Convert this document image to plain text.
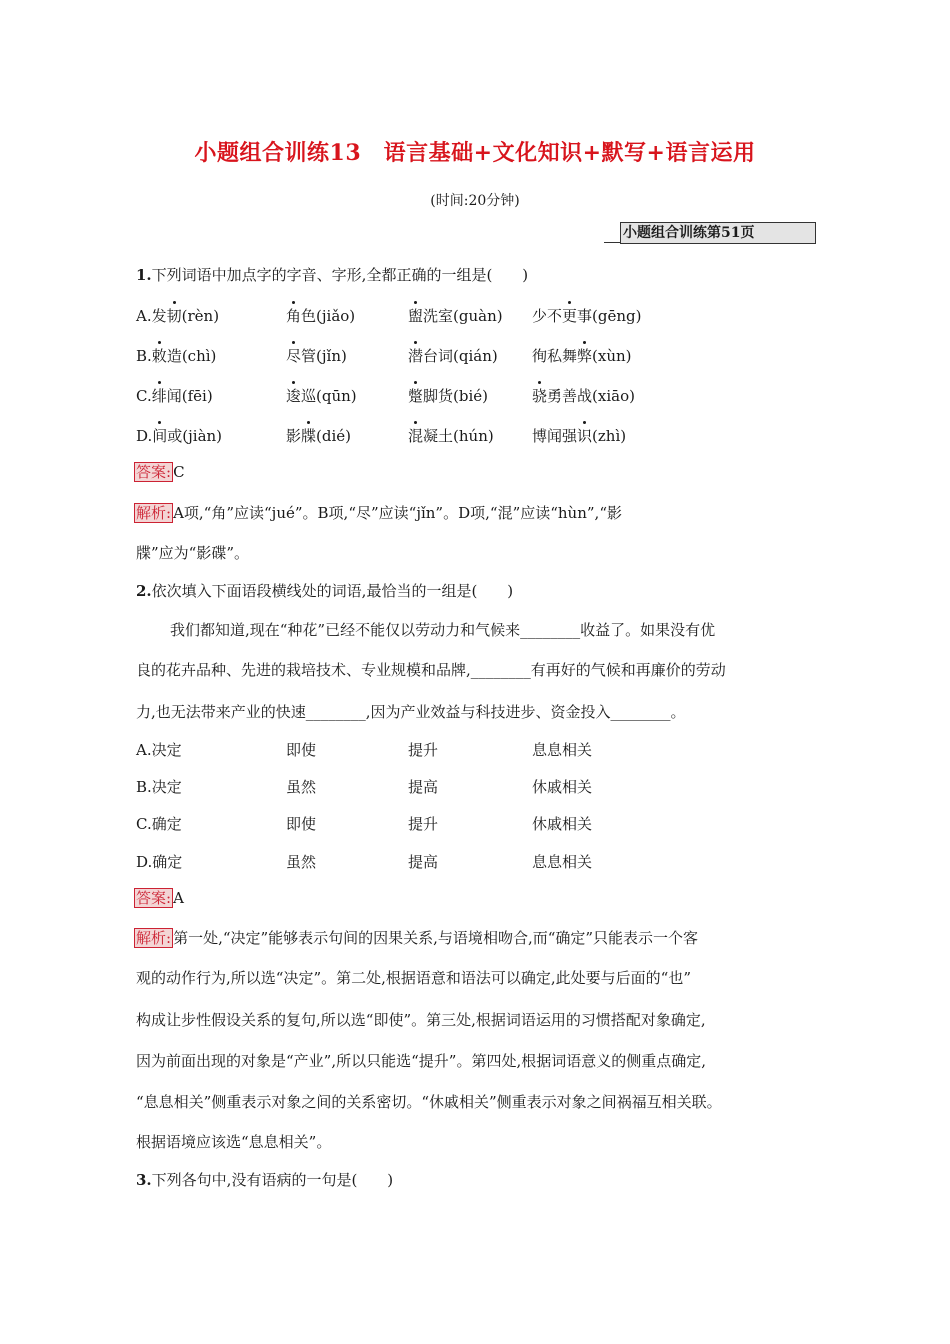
小题组合训练13　语言基础+文化知识+默写+语言运用
(时间:20分钟)
小题组合训练第51页
1.下列词语中加点字的字音、字形,全都正确的一组是(　　)
A.发韧(rèn)	角色(jiǎo)	盥洗室(guàn) 少不更事(gēng)
B.敕造(chì)	尽管(jǐn)	潜台词(qián) 徇私舞弊(xùn)
C.绯闻(fēi)	逡巡(qūn)	蹩脚货(bié)	骁勇善战(xiāo)
D.间或(jiàn)	影牒(dié)	混凝土(hún)	博闻强识(zhì)
答案: C
解析: A项,“角”应读“jué”。B项,“尽”应读“jǐn”。D项,“混”应读“hùn”,“影
牒”应为“影碟”。
2.依次填入下面语段横线处的词语,最恰当的一组是(　　)
我们都知道,现在“种花”已经不能仅以劳动力和气候来________收益了。如果没有优
良的花卉品种、先进的栽培技术、专业规模和品牌,________有再好的气候和再廉价的劳动
力,也无法带来产业的快速________,因为产业效益与科技进步、资金投入________。
A.决定	即使	提升	息息相关
B.决定	虽然	提高	休戚相关
C.确定	即使	提升	休戚相关
D.确定	虽然	提高	息息相关
答案: A
解析: 第一处,“决定”能够表示句间的因果关系,与语境相吻合,而“确定”只能表示一个客
观的动作行为,所以选“决定”。第二处,根据语意和语法可以确定,此处要与后面的“也”
构成让步性假设关系的复句,所以选“即使”。第三处,根据词语运用的习惯搭配对象确定,
因为前面出现的对象是“产业”,所以只能选“提升”。第四处,根据词语意义的侧重点确定,
“息息相关”侧重表示对象之间的关系密切。“休戚相关”侧重表示对象之间祸福互相关联。
根据语境应该选“息息相关”。
3.下列各句中,没有语病的一句是(　　)
